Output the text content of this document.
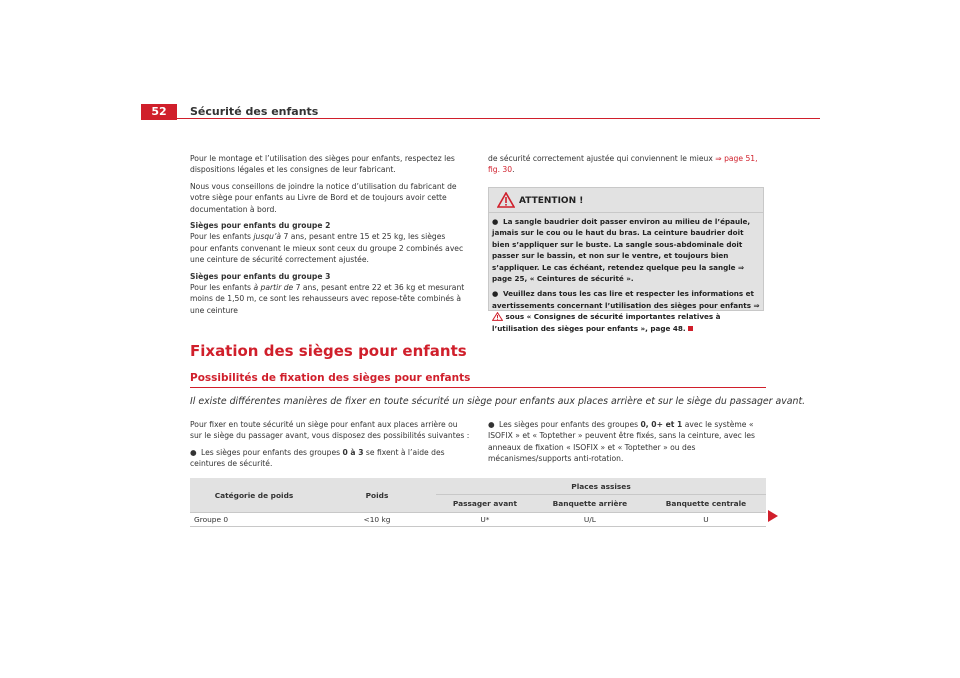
52	Sécurité des enfants

Pour le montage et l’utilisation des sièges pour enfants, respectez les dispositions légales et les consignes de leur fabricant.

Nous vous conseillons de joindre la notice d’utilisation du fabricant de votre siège pour enfants au Livre de Bord et de toujours avoir cette documentation à bord.

Sièges pour enfants du groupe 2

Pour les enfants jusqu’à 7 ans, pesant entre 15 et 25 kg, les sièges pour enfants convenant le mieux sont ceux du groupe 2 combinés avec une ceinture de sécurité correctement ajustée.

Sièges pour enfants du groupe 3

Pour les enfants à partir de 7 ans, pesant entre 22 et 36 kg et mesurant moins de 1,50 m, ce sont les rehausseurs avec repose-tête combinés à une ceinture

de sécurité correctement ajustée qui conviennent le mieux ⇒ page 51, fig. 30.

ATTENTION !

● La sangle baudrier doit passer environ au milieu de l’épaule, jamais sur le cou ou le haut du bras. La ceinture baudrier doit bien s’appliquer sur le buste. La sangle sous-abdominale doit passer sur le bassin, et non sur le ventre, et toujours bien s’appliquer. Le cas échéant, retendez quelque peu la sangle ⇒ page 25, « Ceintures de sécurité ».

● Veuillez dans tous les cas lire et respecter les informations et avertissements concernant l’utilisation des sièges pour enfants ⇒  sous « Consignes de sécurité importantes relatives à l’utilisation des sièges pour enfants », page 48.

Fixation des sièges pour enfants
Possibilités de fixation des sièges pour enfants
Il existe différentes manières de fixer en toute sécurité un siège pour enfants aux places arrière et sur le siège du passager avant.

Pour fixer en toute sécurité un siège pour enfant aux places arrière ou sur le siège du passager avant, vous disposez des possibilités suivantes :

● Les sièges pour enfants des groupes 0 à 3 se fixent à l’aide des ceintures de sécurité.

● Les sièges pour enfants des groupes 0, 0+ et 1 avec le système « ISOFIX » et « Toptether » peuvent être fixés, sans la ceinture, avec les anneaux de fixation « ISOFIX » et « Toptether » ou des mécanismes/supports anti-rotation.

Catégorie de poids	Poids	Places assises		
		Passager avant	Banquette arrière	Banquette centrale
Groupe 0	<10 kg	U*	U/L	U
